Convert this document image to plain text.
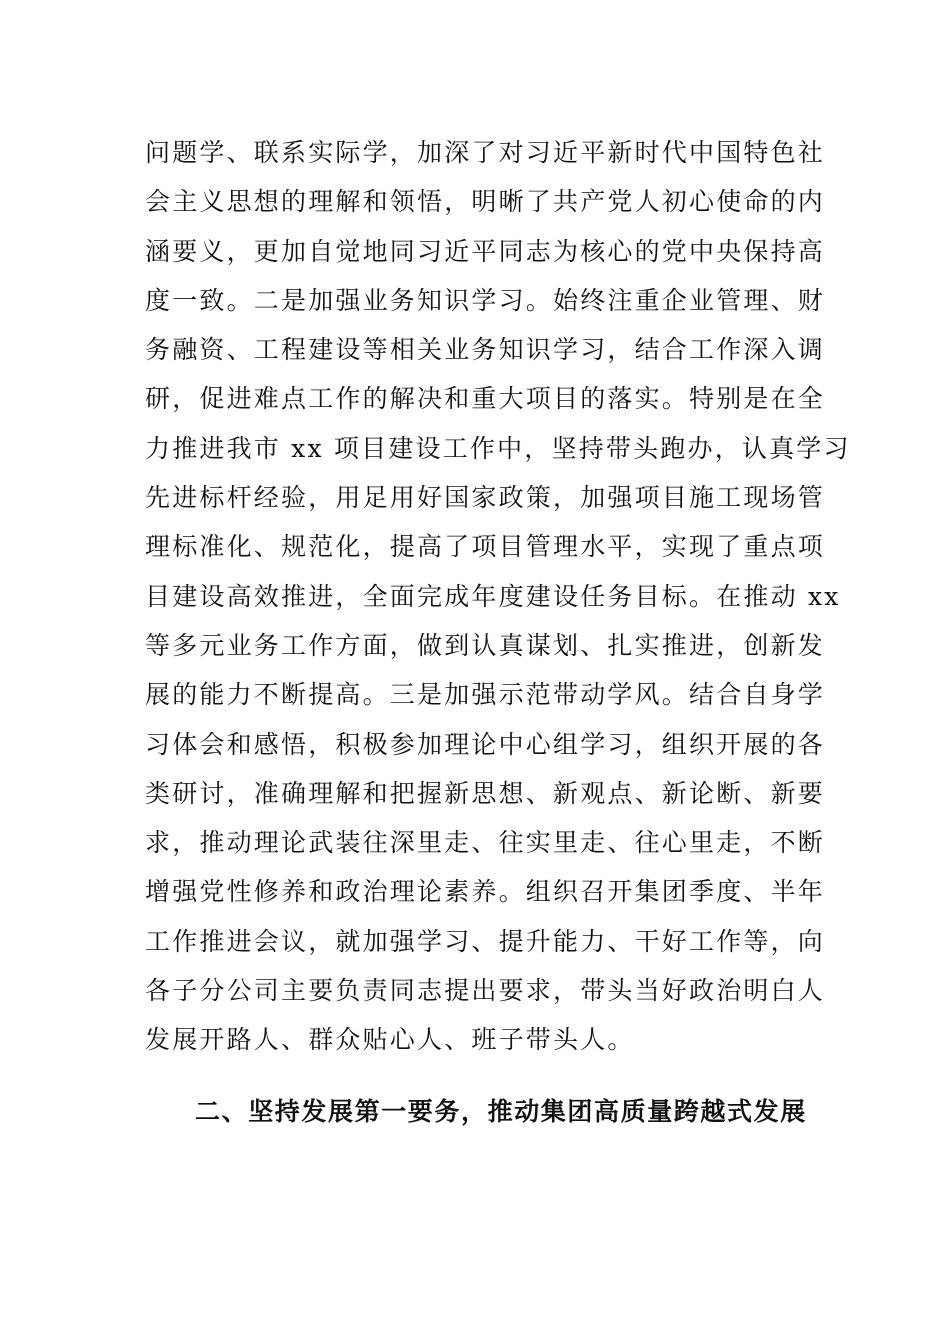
问题学、联系实际学，加深了对习近平新时代中国特色社
会主义思想的理解和领悟，明晰了共产党人初心使命的内
涵要义，更加自觉地同习近平同志为核心的党中央保持高
度一致。二是加强业务知识学习。始终注重企业管理、财
务融资、工程建设等相关业务知识学习，结合工作深入调
研，促进难点工作的解决和重大项目的落实。特别是在全
力推进我市 xx 项目建设工作中，坚持带头跑办，认真学习
先进标杆经验，用足用好国家政策，加强项目施工现场管
理标准化、规范化，提高了项目管理水平，实现了重点项
目建设高效推进，全面完成年度建设任务目标。在推动 xx
等多元业务工作方面，做到认真谋划、扎实推进，创新发
展的能力不断提高。三是加强示范带动学风。结合自身学
习体会和感悟，积极参加理论中心组学习，组织开展的各
类研讨，准确理解和把握新思想、新观点、新论断、新要
求，推动理论武装往深里走、往实里走、往心里走，不断
增强党性修养和政治理论素养。组织召开集团季度、半年
工作推进会议，就加强学习、提升能力、干好工作等，向
各子分公司主要负责同志提出要求，带头当好政治明白人
发展开路人、群众贴心人、班子带头人。
二、坚持发展第一要务，推动集团高质量跨越式发展
